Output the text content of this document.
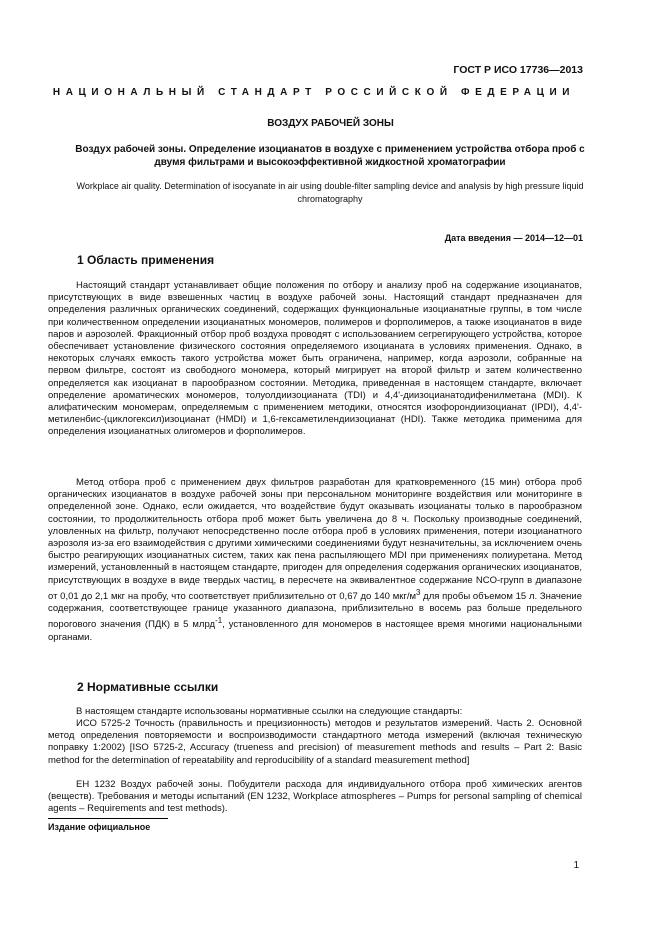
ГОСТ Р ИСО 17736—2013
НАЦИОНАЛЬНЫЙ СТАНДАРТ РОССИЙСКОЙ ФЕДЕРАЦИИ
ВОЗДУХ РАБОЧЕЙ ЗОНЫ
Воздух рабочей зоны. Определение изоцианатов в воздухе с применением устройства отбора проб с двумя фильтрами и высокоэффективной жидкостной хроматографии
Workplace air quality. Determination of isocyanate in air using double-filter sampling device and analysis by high pressure liquid chromatography
Дата введения — 2014—12—01
1 Область применения

Настоящий стандарт устанавливает общие положения по отбору и анализу проб на содержание изоцианатов, присутствующих в виде взвешенных частиц в воздухе рабочей зоны. Настоящий стандарт предназначен для определения различных органических соединений, содержащих функциональные изоцианатные группы, в том числе при количественном определении изоцианатных мономеров, полимеров и форполимеров, а также изоцианатов в виде паров и аэрозолей. Фракционный отбор проб воздуха проводят с использованием сегрегирующего устройства, которое обеспечивает установление физического состояния определяемого изоцианата в условиях применения. Однако, в некоторых случаях емкость такого устройства может быть ограничена, например, когда аэрозоли, собранные на первом фильтре, состоят из свободного мономера, который мигрирует на второй фильтр и затем количественно определяется как изоцианат в парообразном состоянии. Методика, приведенная в настоящем стандарте, включает определение ароматических мономеров, толуолдиизоцианата (TDI) и 4,4'-диизоцианатодифенилметана (MDI). К алифатическим мономерам, определяемым с применением методики, относятся изофорондиизоцианат (IPDI), 4,4'-метиленбис-(циклогексил)изоцианат (HMDI) и 1,6-гексаметилендиизоцианат (HDI). Также методика применима для определения изоцианатных олигомеров и форполимеров.

Метод отбора проб с применением двух фильтров разработан для кратковременного (15 мин) отбора проб органических изоцианатов в воздухе рабочей зоны при персональном мониторинге воздействия или мониторинге в определенной зоне. Однако, если ожидается, что воздействие будут оказывать изоцианаты только в парообразном состоянии, то продолжительность отбора проб может быть увеличена до 8 ч. Поскольку производные соединений, уловленных на фильтр, получают непосредственно после отбора проб в условиях применения, потери изоцианатного аэрозоля из-за его взаимодействия с другими химическими соединениями будут незначительны, за исключением очень быстро реагирующих изоцианатных систем, таких как пена распыляющего MDI при применениях полиуретана. Метод измерений, установленный в настоящем стандарте, пригоден для определения содержания органических изоцианатов, присутствующих в воздухе в виде твердых частиц, в пересчете на эквивалентное содержание NCO-групп в диапазоне от 0,01 до 2,1 мкг на пробу, что соответствует приблизительно от 0,67 до 140 мкг/$м^3$ для пробы объемом 15 л. Значение содержания, соответствующее границе указанного диапазона, приблизительно в восемь раз больше предельного порогового значения (ПДК) в 5 млрд$^{-1}$, установленного для мономеров в настоящее время многими национальными органами.

2 Нормативные ссылки

В настоящем стандарте использованы нормативные ссылки на следующие стандарты:

ИСО 5725-2 Точность (правильность и прецизионность) методов и результатов измерений. Часть 2. Основной метод определения повторяемости и воспроизводимости стандартного метода измерений (включая техническую поправку 1:2002) [ISO 5725-2, Accuracy (trueness and precision) of measurement methods and results – Part 2: Basic method for the determination of repeatability and reproducibility of a standard measurement method]

ЕН 1232 Воздух рабочей зоны. Побудители расхода для индивидуального отбора проб химических агентов (веществ). Требования и методы испытаний (EN 1232, Workplace atmospheres – Pumps for personal sampling of chemical agents – Requirements and test methods).

Издание официальное
1
